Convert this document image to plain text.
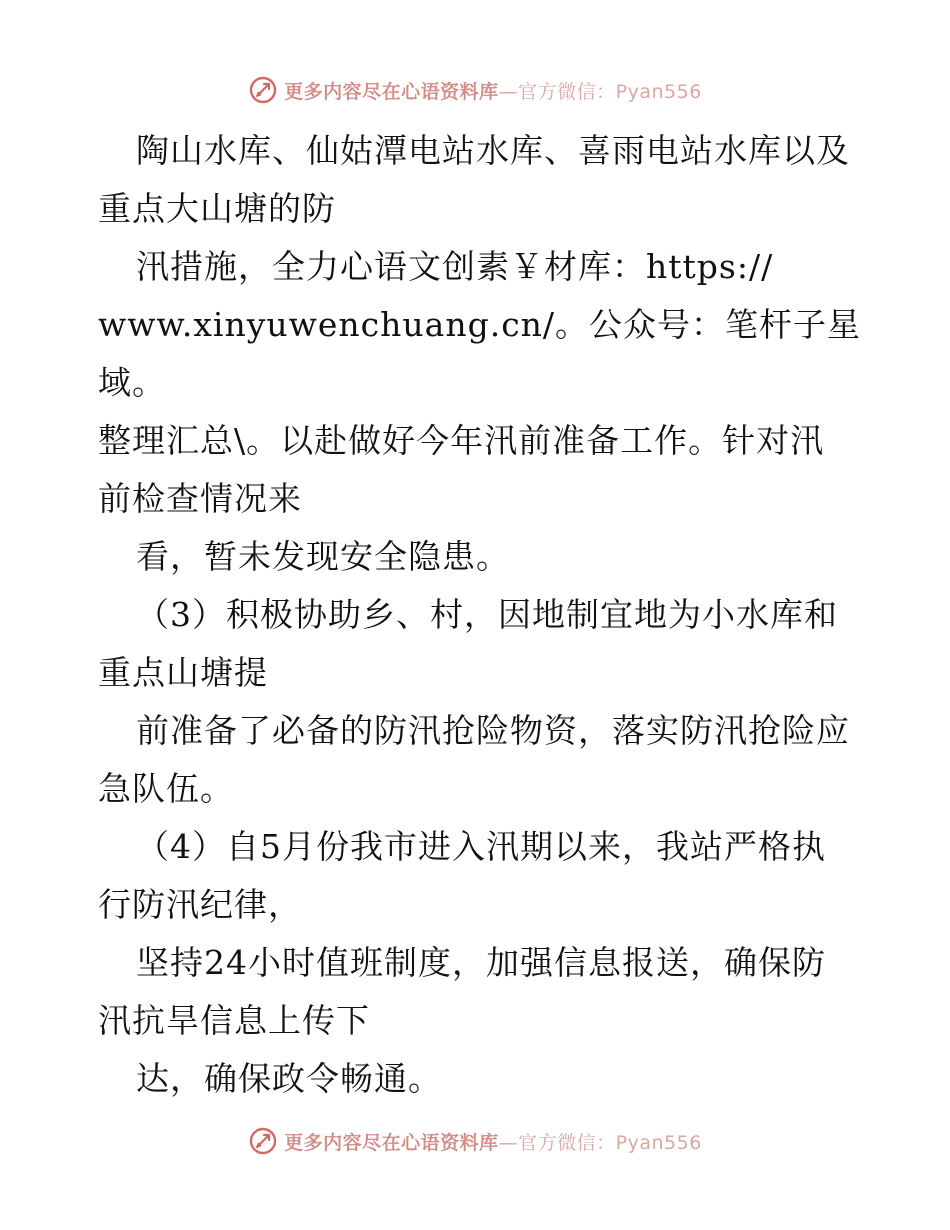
更多内容尽在心语资料库—官方微信：Pyan556

陶山水库、仙姑潭电站水库、喜雨电站水库以及

重点大山塘的防

汛措施，全力心语文创素￥材库：https://

www.xinyuwenchuang.cn/。公众号：笔杆子星域。

整理汇总\。以赴做好今年汛前准备工作。针对汛

前检查情况来

看，暂未发现安全隐患。

（3）积极协助乡、村，因地制宜地为小水库和

重点山塘提

前准备了必备的防汛抢险物资，落实防汛抢险应

急队伍。

（4）自5月份我市进入汛期以来，我站严格执

行防汛纪律，

坚持24小时值班制度，加强信息报送，确保防

汛抗旱信息上传下

达，确保政令畅通。

更多内容尽在心语资料库—官方微信：Pyan556
